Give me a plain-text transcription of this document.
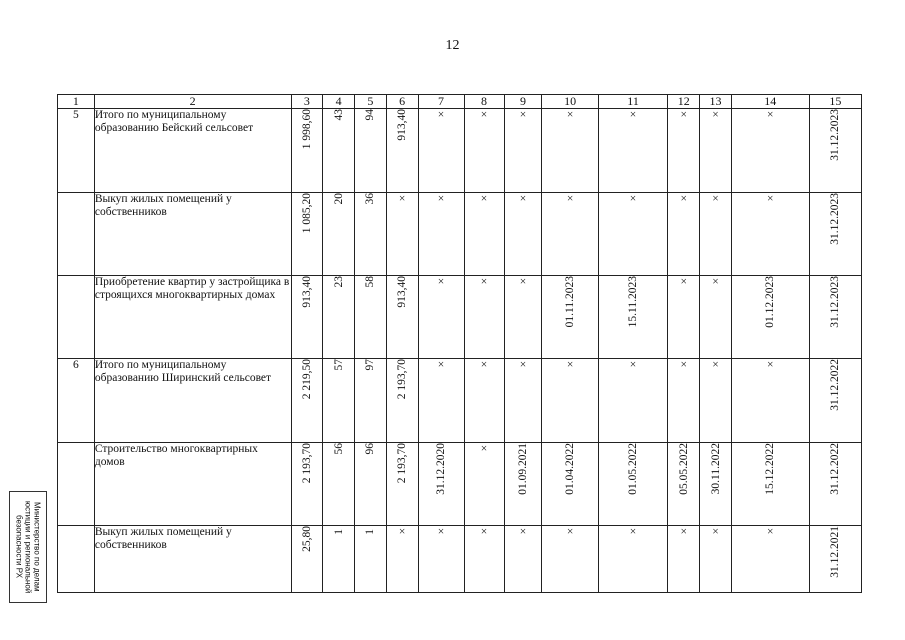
12
1	2	3	4	5	6	7	8	9	10	11	12	13	14	15
5	Итого по муниципальному образованию Бейский сельсовет	1 998,60	43	94	913,40	×	×	×	×	×	×	×	×	31.12.2023
	Выкуп жилых помещений у собственников	1 085,20	20	36	×	×	×	×	×	×	×	×	×	31.12.2023
	Приобретение квартир у застройщика в строящихся многоквартирных домах	913,40	23	58	913,40	×	×	×	01.11.2023	15.11.2023	×	×	01.12.2023	31.12.2023
6	Итого по муниципальному образованию Ширинский сельсовет	2 219,50	57	97	2 193,70	×	×	×	×	×	×	×	×	31.12.2022
	Строительство многоквартирных домов	2 193,70	56	96	2 193,70	31.12.2020	×	01.09.2021	01.04.2022	01.05.2022	05.05.2022	30.11.2022	15.12.2022	31.12.2022
	Выкуп жилых помещений у собственников	25,80	1	1	×	×	×	×	×	×	×	×	×	31.12.2021
Министерство по делам юстиции и региональной безопасности РХ
